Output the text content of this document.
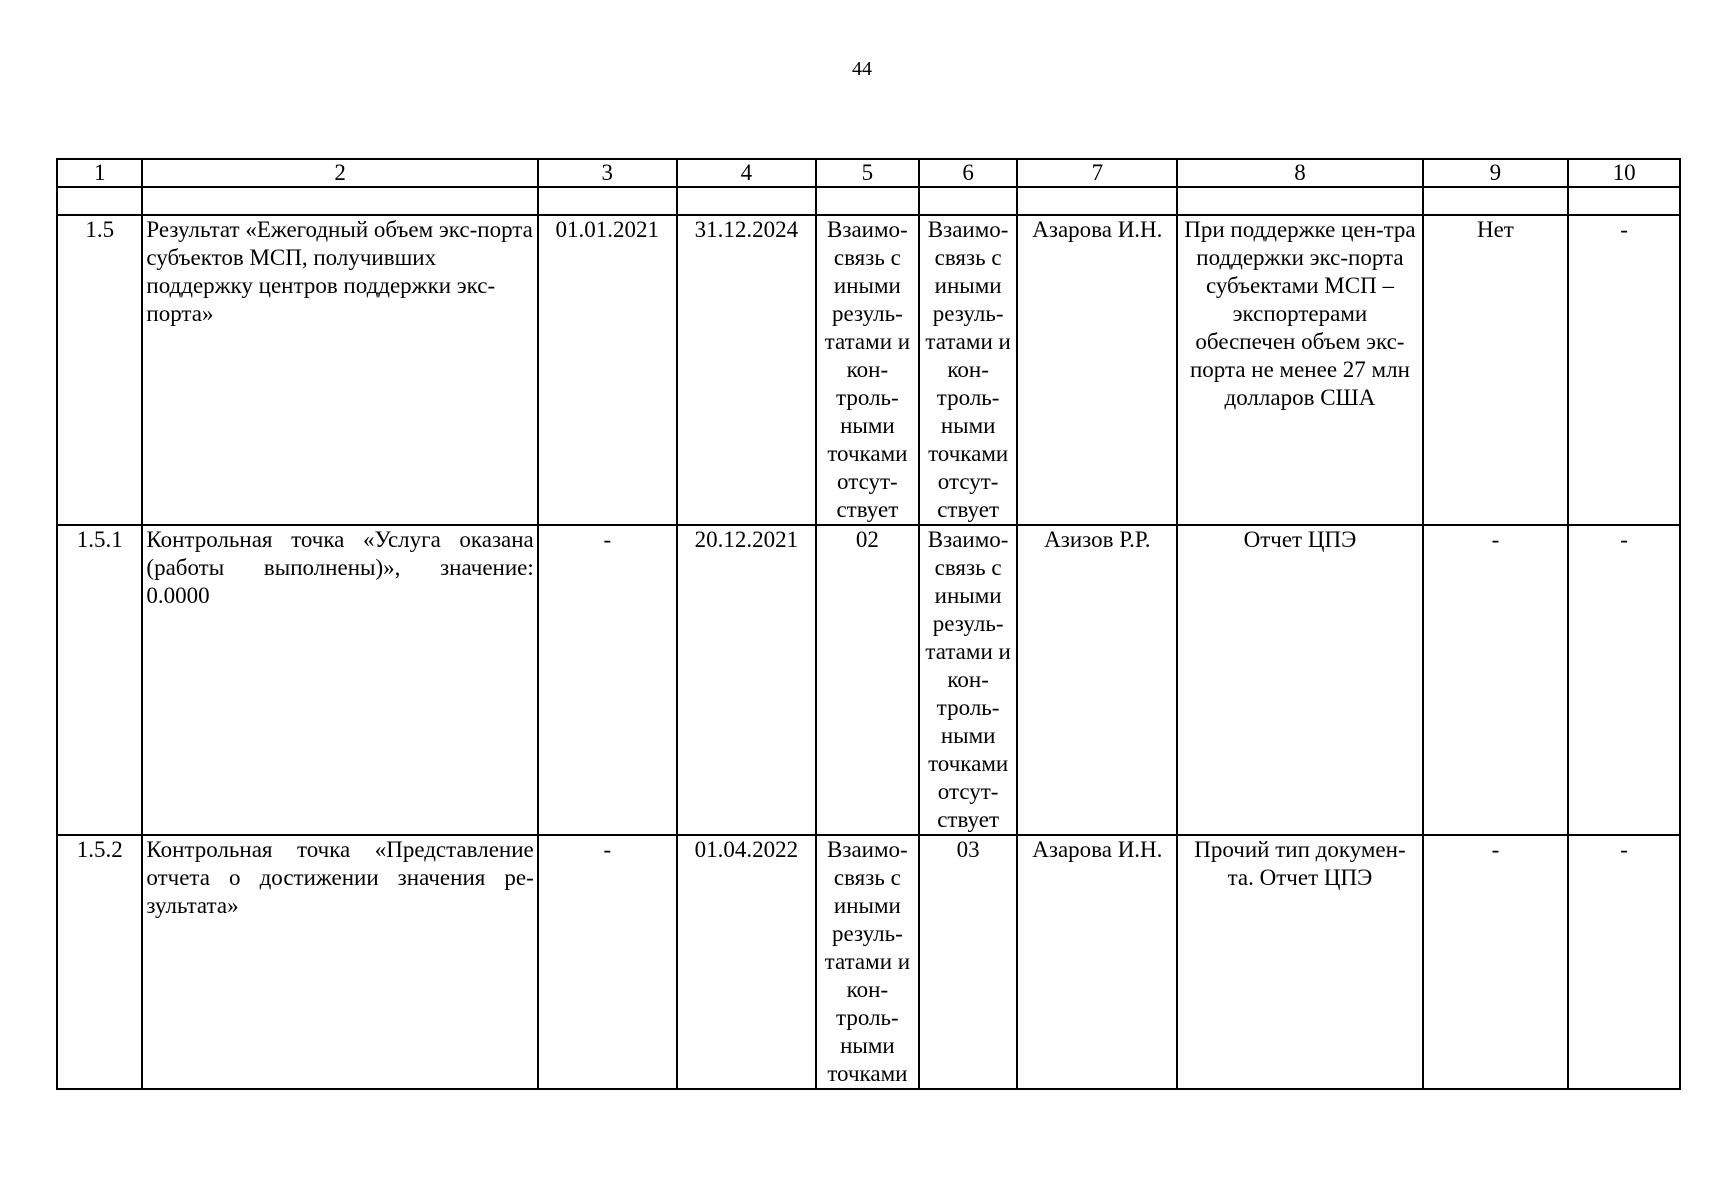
44
1	2	3	4	5	6	7	8	9	10

1.5	Результат «Ежегодный объем экс-порта субъектов МСП, получивших поддержку центров поддержки экс-порта»	01.01.2021	31.12.2024	Взаимо-связь с иными резуль-татами и кон-троль-ными точками отсут-ствует	Взаимо-связь с иными резуль-татами и кон-троль-ными точками отсут-ствует	Азарова И.Н.	При поддержке цен-тра поддержки экс-порта субъектами МСП – экспортерами обеспечен объем экс-порта не менее 27 млн долларов США	Нет	-
1.5.1	Контрольная точка «Услуга оказана (работы выполнены)», значение: 0.0000	-	20.12.2021	02	Взаимо-связь с иными резуль-татами и кон-троль-ными точками отсут-ствует	Азизов Р.Р.	Отчет ЦПЭ	-	-
1.5.2	Контрольная точка «Представление отчета о достижении значения ре-зультата»	-	01.04.2022	Взаимо-связь с иными резуль-татами и кон-троль-ными точками	03	Азарова И.Н.	Прочий тип докумен-та. Отчет ЦПЭ	-	-
